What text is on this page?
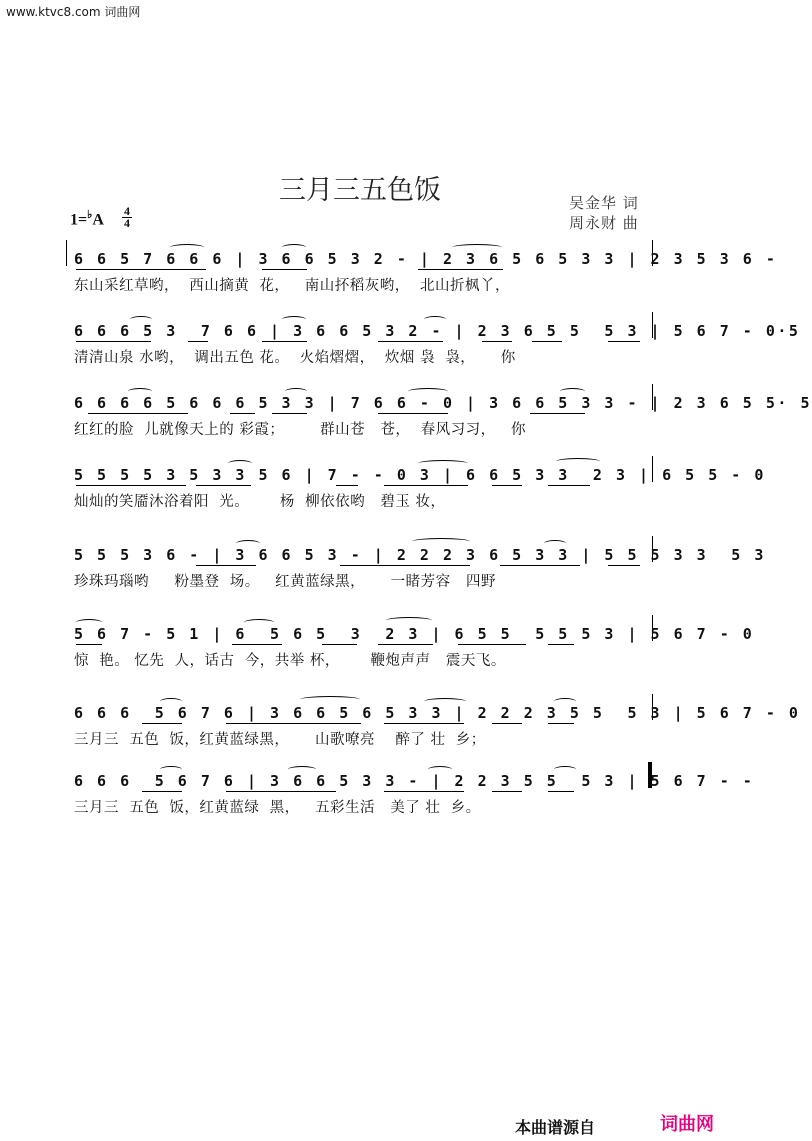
www.ktvc8.com 词曲网
三月三五色饭	吴金华 词
周永财 曲
1=♭A
4
4
6 6 5 7 6 6 6 | 3 6 6 5 3 2 - | 2 3 6 5 6 5 3 3 | 2 3 5 3 6 -
东山采红草哟，  西山摘黄  花，   南山抔稻灰哟，  北山折枫丫，
6 6 6 5 3  7 6 6 | 3 6 6 5 3 2 - | 2 3 6 5 5  5 3 | 5 6 7 - 0·5
清清山泉 水哟，  调出五色 花。  火焰熠熠，  炊烟 袅  袅，     你
6 6 6 6 5 6 6 6 5 3 3 | 7 6 6 - 0 | 3 6 6 5 3 3 - | 2 3 6 5 5· 5
红红的脸  儿就像天上的 彩霞；       群山苍   苍，  春风习习，   你
5 5 5 5 3 5 3 3 5 6 | 7 - - 0 3 | 6 6 5 3 3  2 3 | 6 5 5 - 0
灿灿的笑靥沐浴着阳  光。      杨  柳依依哟   碧玉 妆，
5 5 5 3 6 - | 3 6 6 5 3 - | 2 2 2 3 6 5 3 3 | 5 5 5 3 3  5 3
珍珠玛瑙哟     粉墨登  场。   红黄蓝绿黑，     一睹芳容   四野
5 6 7 - 5 1 | 6  5 6 5  3  2 3 | 6 5 5  5 5 5 3 | 5 6 7 - 0
惊  艳。 忆先  人，话古  今，共举 杯，      鞭炮声声   震天飞。
6 6 6  5 6 7 6 | 3 6 6 5 6 5 3 3 | 2 2 2 3 5 5  5 3 | 5 6 7 - 0
三月三  五色  饭，红黄蓝绿黑，     山歌嘹亮    醉了 壮  乡；
6 6 6  5 6 7 6 | 3 6 6 5 3 3 - | 2 2 3 5 5  5 3 | 5 6 7 - -
三月三  五色  饭，红黄蓝绿  黑，   五彩生活   美了 壮  乡。
本曲谱源自	词曲网
